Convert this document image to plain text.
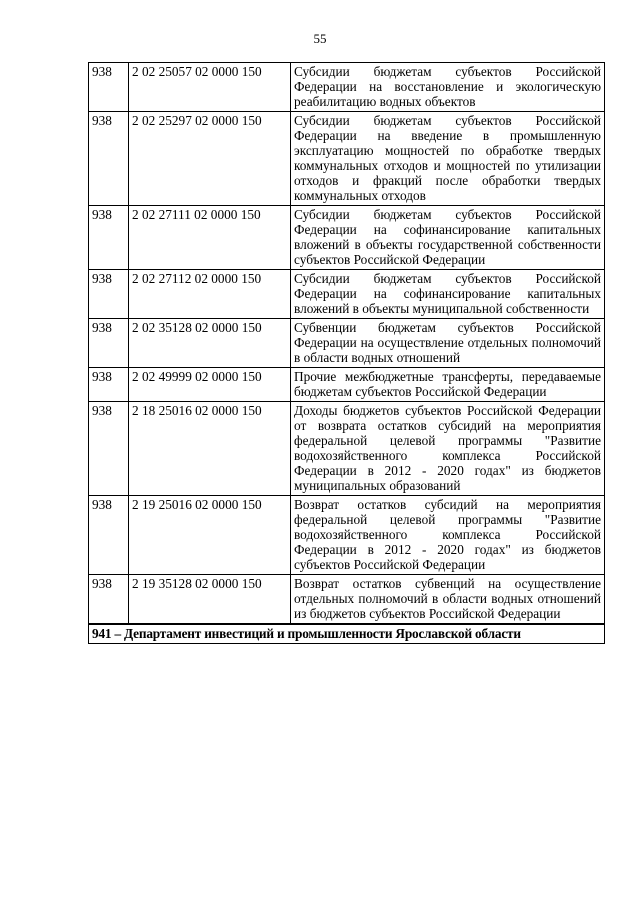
55
938	2 02 25057 02 0000 150	Субсидии бюджетам субъектов Российской Федерации на восстановление и экологическую реабилитацию водных объектов
938	2 02 25297 02 0000 150	Субсидии бюджетам субъектов Российской Федерации на введение в промышленную эксплуатацию мощностей по обработке твердых коммунальных отходов и мощностей по утилизации отходов и фракций после обработки твердых коммунальных отходов
938	2 02 27111 02 0000 150	Субсидии бюджетам субъектов Российской Федерации на софинансирование капитальных вложений в объекты государственной собственности субъектов Российской Федерации
938	2 02 27112 02 0000 150	Субсидии бюджетам субъектов Российской Федерации на софинансирование капитальных вложений в объекты муниципальной собственности
938	2 02 35128 02 0000 150	Субвенции бюджетам субъектов Российской Федерации на осуществление отдельных полномочий в области водных отношений
938	2 02 49999 02 0000 150	Прочие межбюджетные трансферты, передаваемые бюджетам субъектов Российской Федерации
938	2 18 25016 02 0000 150	Доходы бюджетов субъектов Российской Федерации от возврата остатков субсидий на мероприятия федеральной целевой программы "Развитие водохозяйственного комплекса Российской Федерации в 2012 - 2020 годах" из бюджетов муниципальных образований
938	2 19 25016 02 0000 150	Возврат остатков субсидий на мероприятия федеральной целевой программы "Развитие водохозяйственного комплекса Российской Федерации в 2012 - 2020 годах" из бюджетов субъектов Российской Федерации
938	2 19 35128 02 0000 150	Возврат остатков субвенций на осуществление отдельных полномочий в области водных отношений из бюджетов субъектов Российской Федерации
941 – Департамент инвестиций и промышленности Ярославской области		
